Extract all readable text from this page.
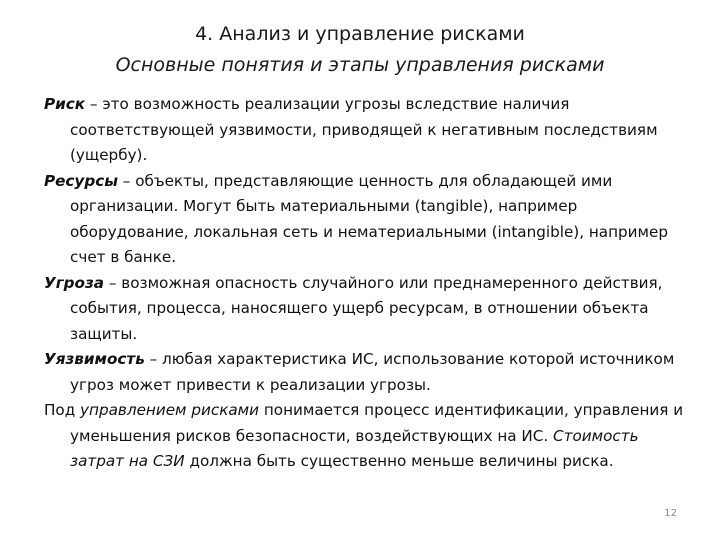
4. Анализ и управление рисками
Основные понятия и этапы управления рисками

Риск – это возможность реализации угрозы вследствие наличия соответствующей уязвимости, приводящей к негативным последствиям (ущербу).

Ресурсы – объекты, представляющие ценность для обладающей ими организации. Могут быть материальными (tangible), например оборудование, локальная сеть и нематериальными (intangible), например счет в банке.

Угроза – возможная опасность случайного или преднамеренного действия, события, процесса, наносящего ущерб ресурсам, в отношении объекта защиты.

Уязвимость – любая характеристика ИС, использование которой источником угроз может привести к реализации угрозы.

Под управлением рисками понимается процесс идентификации, управления и уменьшения рисков безопасности, воздействующих на ИС. Стоимость затрат на СЗИ должна быть существенно меньше величины риска.

12
